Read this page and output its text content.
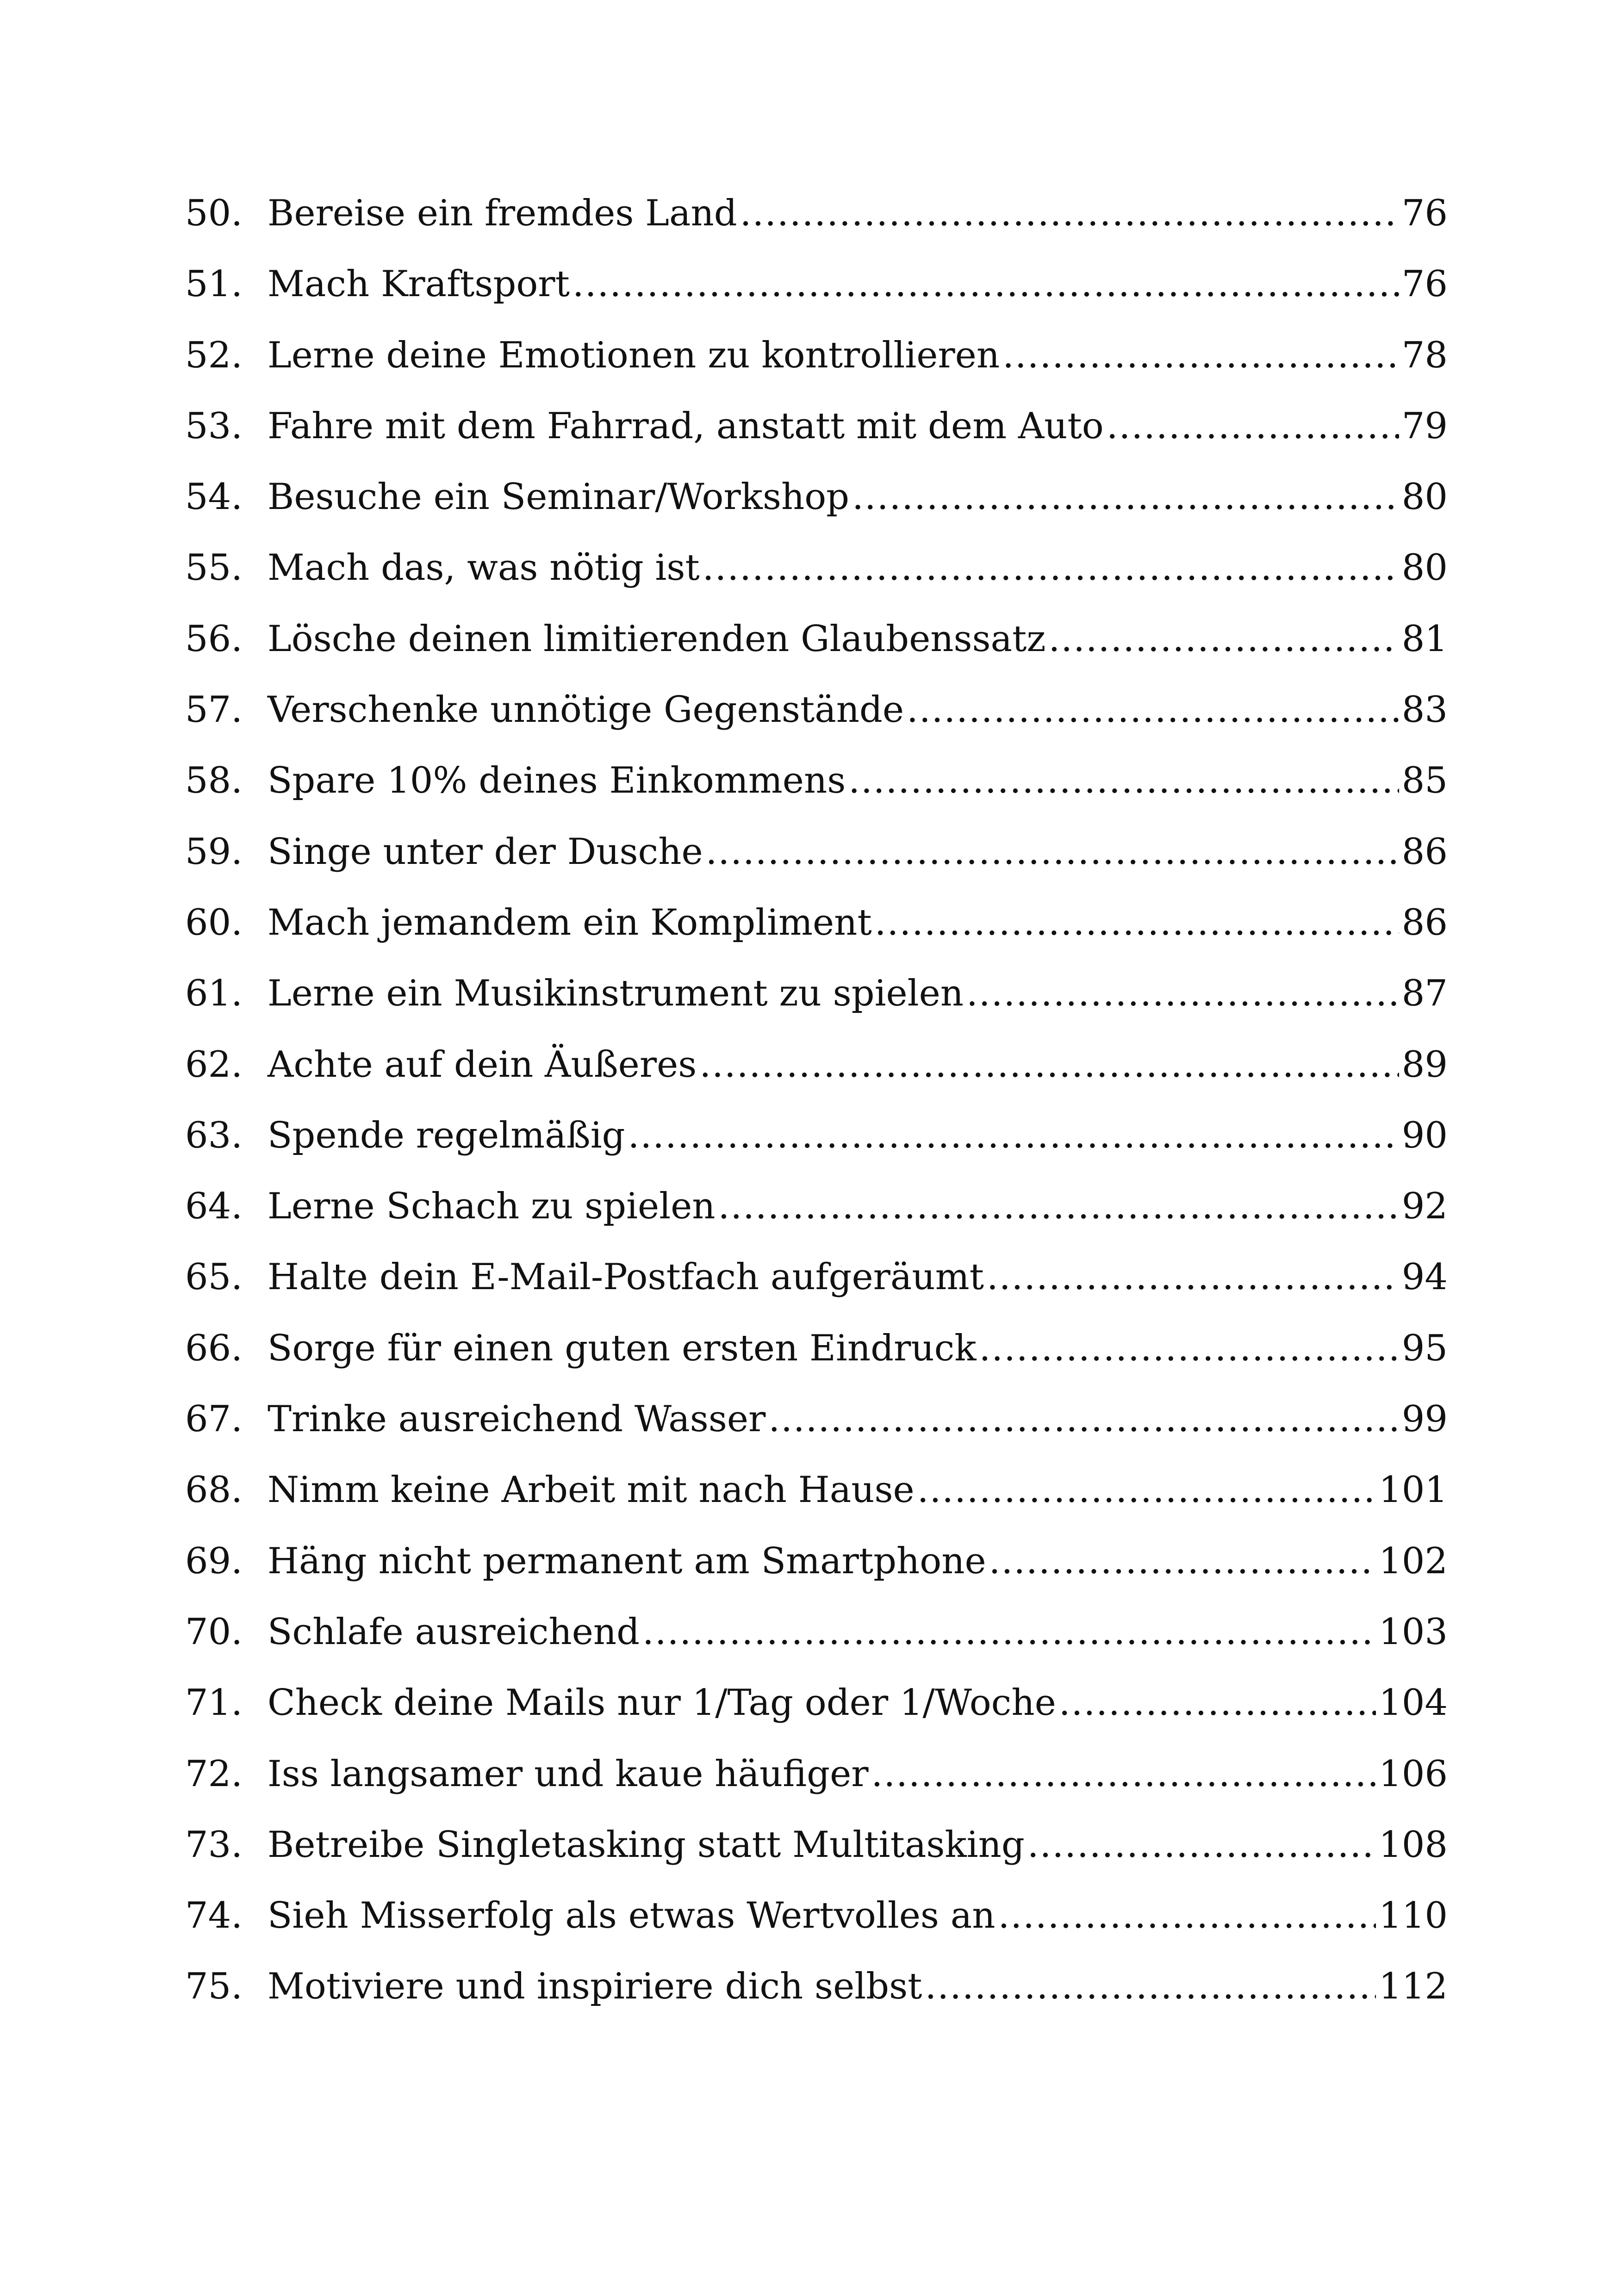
50. Bereise ein fremdes Land .....	76
51. Mach Kraftsport .....	76
52. Lerne deine Emotionen zu kontrollieren .....	78
53. Fahre mit dem Fahrrad, anstatt mit dem Auto .....	79
54. Besuche ein Seminar/Workshop .....	80
55. Mach das, was nötig ist .....	80
56. Lösche deinen limitierenden Glaubenssatz .....	81
57. Verschenke unnötige Gegenstände .....	83
58. Spare 10% deines Einkommens .....	85
59. Singe unter der Dusche .....	86
60. Mach jemandem ein Kompliment .....	86
61. Lerne ein Musikinstrument zu spielen .....	87
62. Achte auf dein Äußeres .....	89
63. Spende regelmäßig .....	90
64. Lerne Schach zu spielen .....	92
65. Halte dein E-Mail-Postfach aufgeräumt .....	94
66. Sorge für einen guten ersten Eindruck .....	95
67. Trinke ausreichend Wasser .....	99
68. Nimm keine Arbeit mit nach Hause .....	101
69. Häng nicht permanent am Smartphone .....	102
70. Schlafe ausreichend .....	103
71. Check deine Mails nur 1/Tag oder 1/Woche .....	104
72. Iss langsamer und kaue häufiger .....	106
73. Betreibe Singletasking statt Multitasking .....	108
74. Sieh Misserfolg als etwas Wertvolles an .....	110
75. Motiviere und inspiriere dich selbst .....	112
